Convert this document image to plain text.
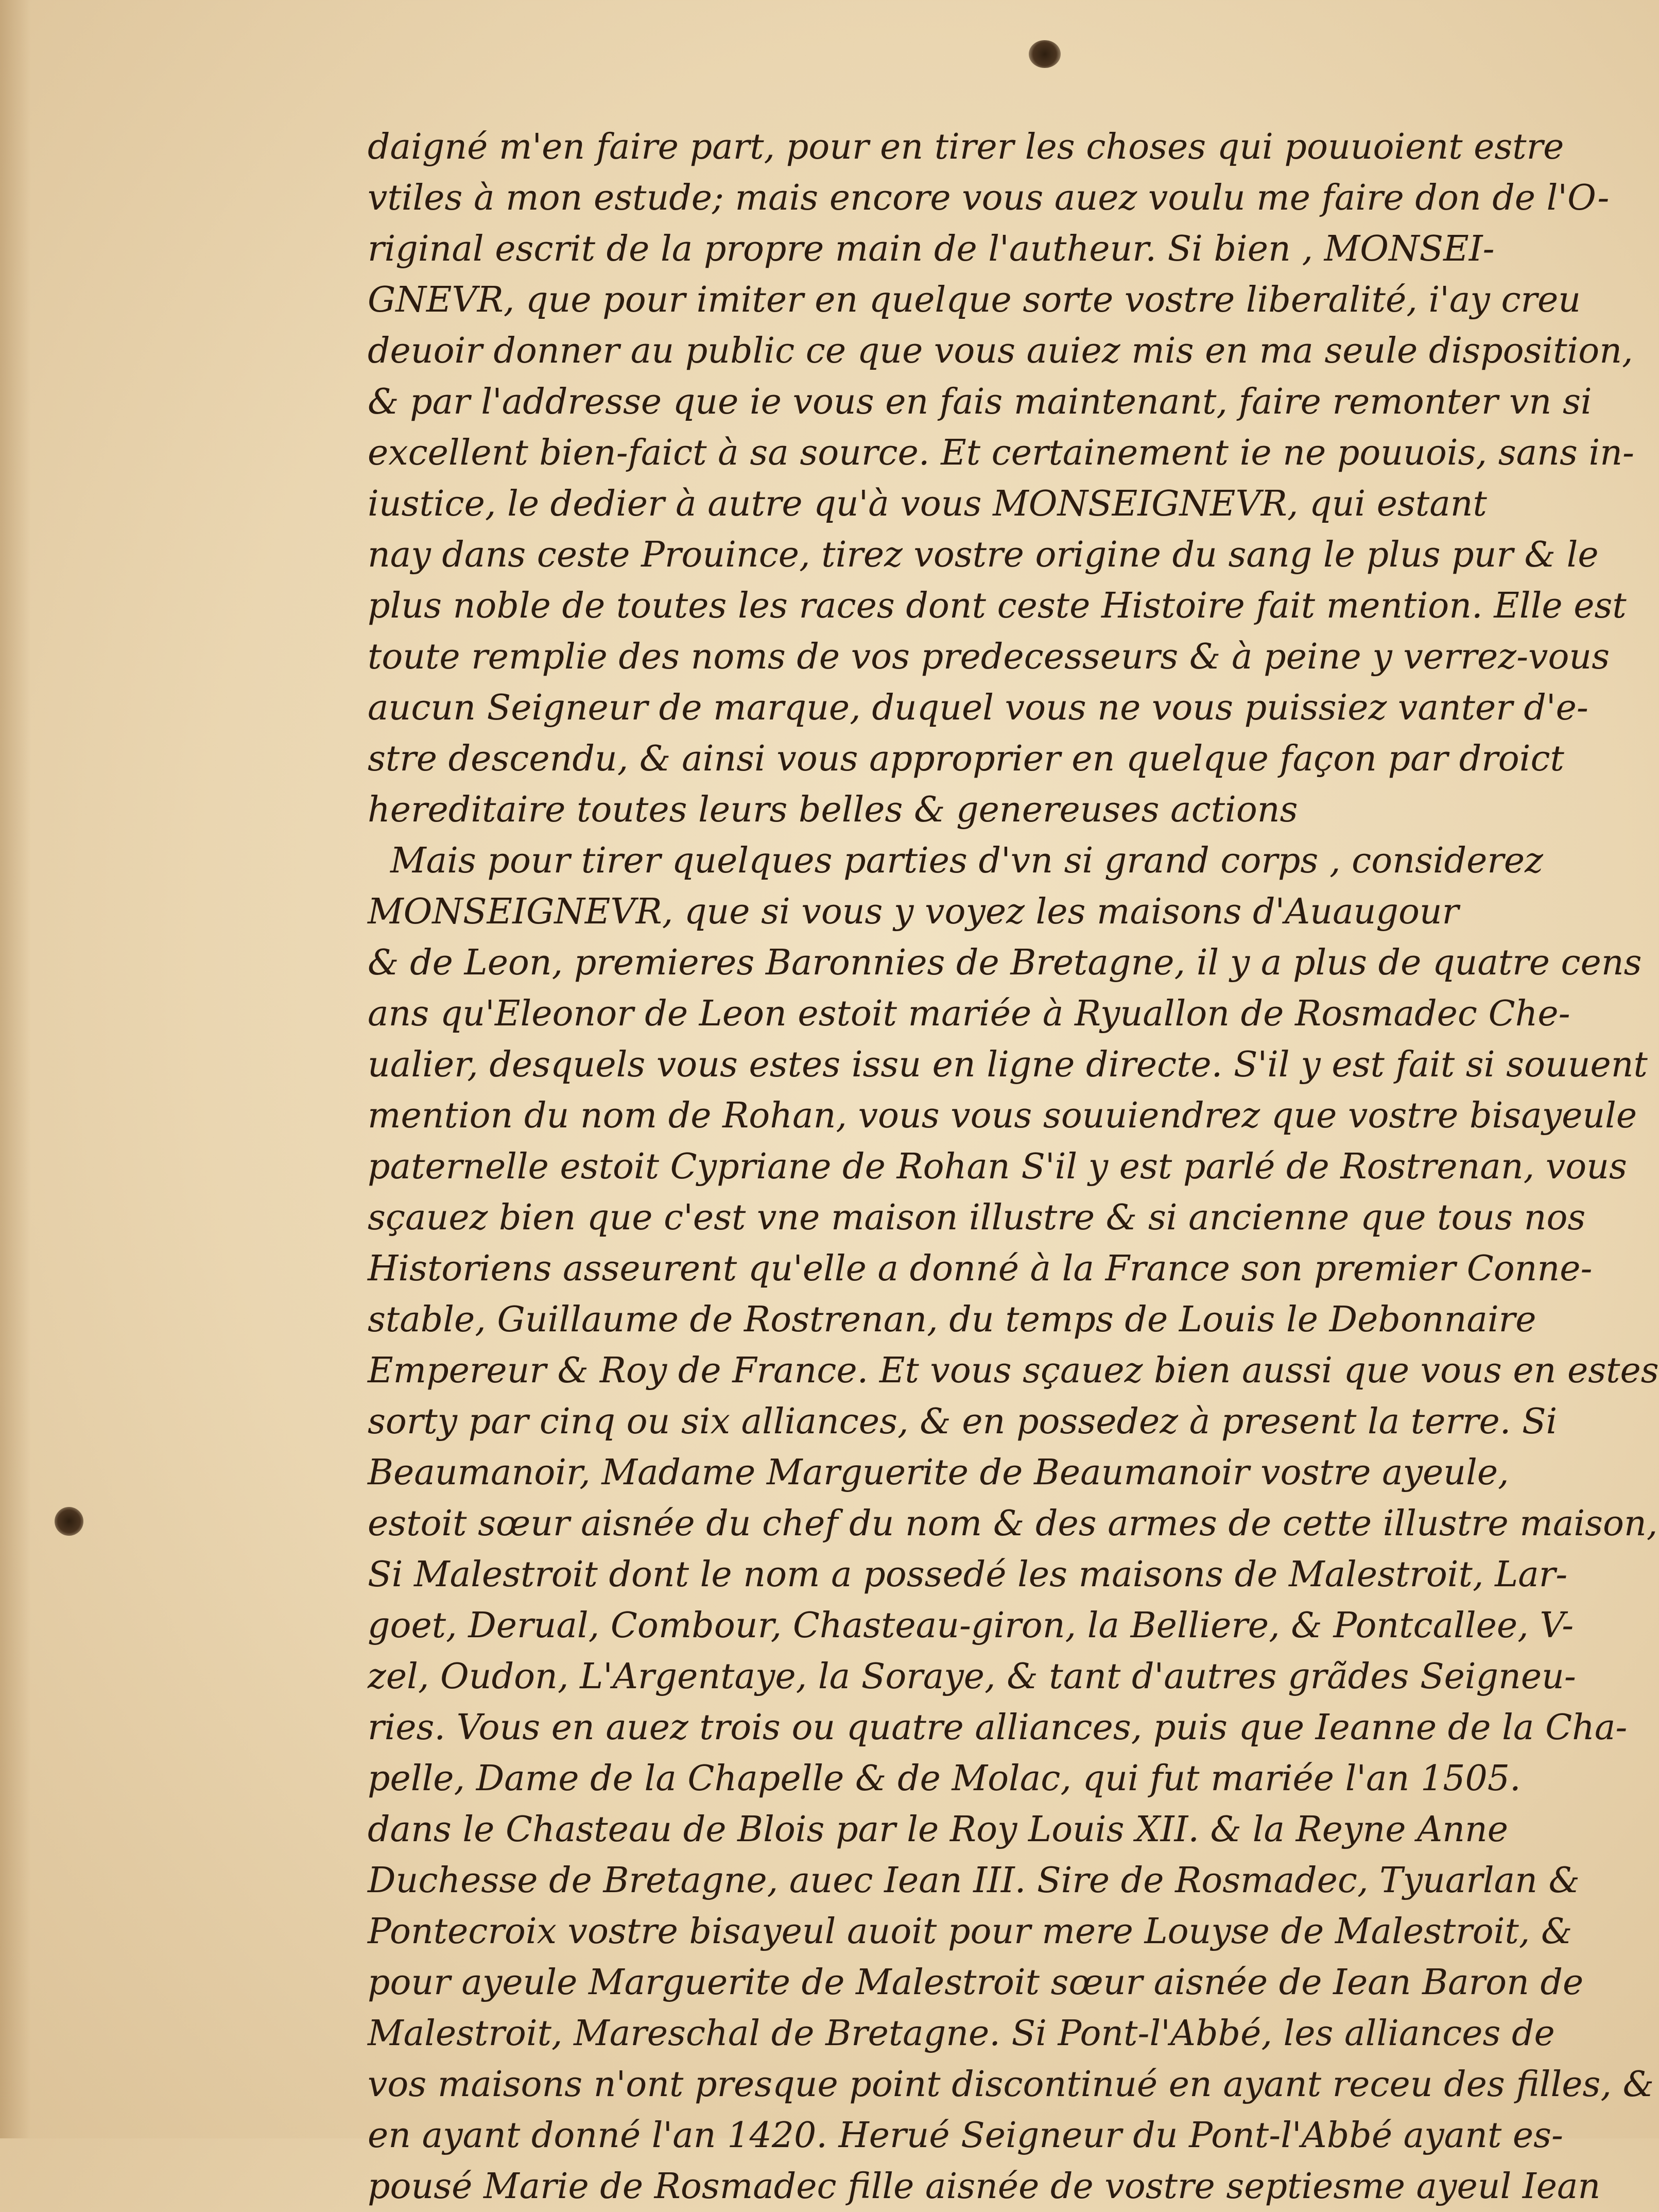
daigné m'en faire part, pour en tirer les choses qui pouuoient estre
vtiles à mon estude; mais encore vous auez voulu me faire don de l'O-
riginal escrit de la propre main de l'autheur. Si bien , MONSEI-
GNEVR, que pour imiter en quelque sorte vostre liberalité, i'ay creu
deuoir donner au public ce que vous auiez mis en ma seule disposition,
& par l'addresse que ie vous en fais maintenant, faire remonter vn si
excellent bien-faict à sa source. Et certainement ie ne pouuois, sans in-
iustice, le dedier à autre qu'à vous MONSEIGNEVR, qui estant
nay dans ceste Prouince, tirez vostre origine du sang le plus pur & le
plus noble de toutes les races dont ceste Histoire fait mention. Elle est
toute remplie des noms de vos predecesseurs & à peine y verrez-vous
aucun Seigneur de marque, duquel vous ne vous puissiez vanter d'e-
stre descendu, & ainsi vous approprier en quelque façon par droict
hereditaire toutes leurs belles & genereuses actions
Mais pour tirer quelques parties d'vn si grand corps , considerez
MONSEIGNEVR, que si vous y voyez les maisons d'Auaugour
& de Leon, premieres Baronnies de Bretagne, il y a plus de quatre cens
ans qu'Eleonor de Leon estoit mariée à Ryuallon de Rosmadec Che-
ualier, desquels vous estes issu en ligne directe. S'il y est fait si souuent
mention du nom de Rohan, vous vous souuiendrez que vostre bisayeule
paternelle estoit Cypriane de Rohan S'il y est parlé de Rostrenan, vous
sçauez bien que c'est vne maison illustre & si ancienne que tous nos
Historiens asseurent qu'elle a donné à la France son premier Conne-
stable, Guillaume de Rostrenan, du temps de Louis le Debonnaire
Empereur & Roy de France. Et vous sçauez bien aussi que vous en estes
sorty par cinq ou six alliances, & en possedez à present la terre. Si
Beaumanoir, Madame Marguerite de Beaumanoir vostre ayeule,
estoit sœur aisnée du chef du nom & des armes de cette illustre maison,
Si Malestroit dont le nom a possedé les maisons de Malestroit, Lar-
goet, Derual, Combour, Chasteau-giron, la Belliere, & Pontcallee, V-
zel, Oudon, L'Argentaye, la Soraye, & tant d'autres grãdes Seigneu-
ries. Vous en auez trois ou quatre alliances, puis que Ieanne de la Cha-
pelle, Dame de la Chapelle & de Molac, qui fut mariée l'an 1505.
dans le Chasteau de Blois par le Roy Louis XII. & la Reyne Anne
Duchesse de Bretagne, auec Iean III. Sire de Rosmadec, Tyuarlan &
Pontecroix vostre bisayeul auoit pour mere Louyse de Malestroit, &
pour ayeule Marguerite de Malestroit sœur aisnée de Iean Baron de
Malestroit, Mareschal de Bretagne. Si Pont-l'Abbé, les alliances de
vos maisons n'ont presque point discontinué en ayant receu des filles, &
en ayant donné l'an 1420. Herué Seigneur du Pont-l'Abbé ayant es-
pousé Marie de Rosmadec fille aisnée de vostre septiesme ayeul Iean
